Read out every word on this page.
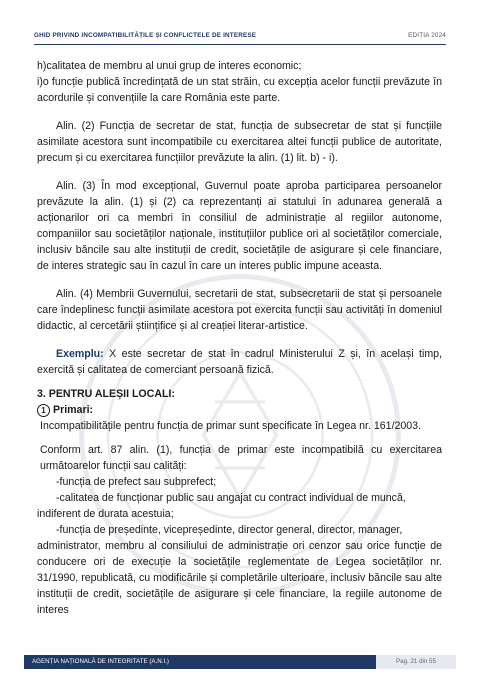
GHID PRIVIND INCOMPATIBILITĂȚILE ȘI CONFLICTELE DE INTERESE	EDIȚIA 2024

h)calitatea de membru al unui grup de interes economic;

i)o funcție publică încredințată de un stat străin, cu excepția acelor funcții prevăzute în acordurile și convențiile la care România este parte.

Alin. (2) Funcția de secretar de stat, funcția de subsecretar de stat și funcțiile asimilate acestora sunt incompatibile cu exercitarea altei funcții publice de autoritate, precum și cu exercitarea funcțiilor prevăzute la alin. (1) lit. b) - i).

Alin. (3) În mod excepțional, Guvernul poate aproba participarea persoanelor prevăzute la alin. (1) și (2) ca reprezentanți ai statului în adunarea generală a acționarilor ori ca membri în consiliul de administrație al regiilor autonome, companiilor sau societăților naționale, instituțiilor publice ori al societăților comerciale, inclusiv băncile sau alte instituții de credit, societățile de asigurare și cele financiare, de interes strategic sau în cazul în care un interes public impune aceasta.

Alin. (4) Membrii Guvernului, secretarii de stat, subsecretarii de stat și persoanele care îndeplinesc funcții asimilate acestora pot exercita funcții sau activități în domeniul didactic, al cercetării științifice și al creației literar-artistice.

Exemplu: X este secretar de stat în cadrul Ministerului Z și, în același timp, exercită și calitatea de comerciant persoană fizică.

3. PENTRU ALEȘII LOCALI:

1 Primari:

Incompatibilitățile pentru funcția de primar sunt specificate în Legea nr. 161/2003.

Conform art. 87 alin. (1), funcția de primar este incompatibilă cu exercitarea următoarelor funcții sau calități:

-funcția de prefect sau subprefect;

-calitatea de funcționar public sau angajat cu contract individual de muncă,

indiferent de durata acestuia;

-funcția de președinte, vicepreședinte, director general, director, manager,

administrator, membru al consiliului de administrație ori cenzor sau orice funcție de conducere ori de execuție la societățile reglementate de Legea societăților nr. 31/1990, republicată, cu modificările și completările ulterioare, inclusiv băncile sau alte instituții de credit, societățile de asigurare și cele financiare, la regiile autonome de interes

AGENȚIA NAȚIONALĂ DE INTEGRITATE (A.N.I.)	Pag. 21 din 55
